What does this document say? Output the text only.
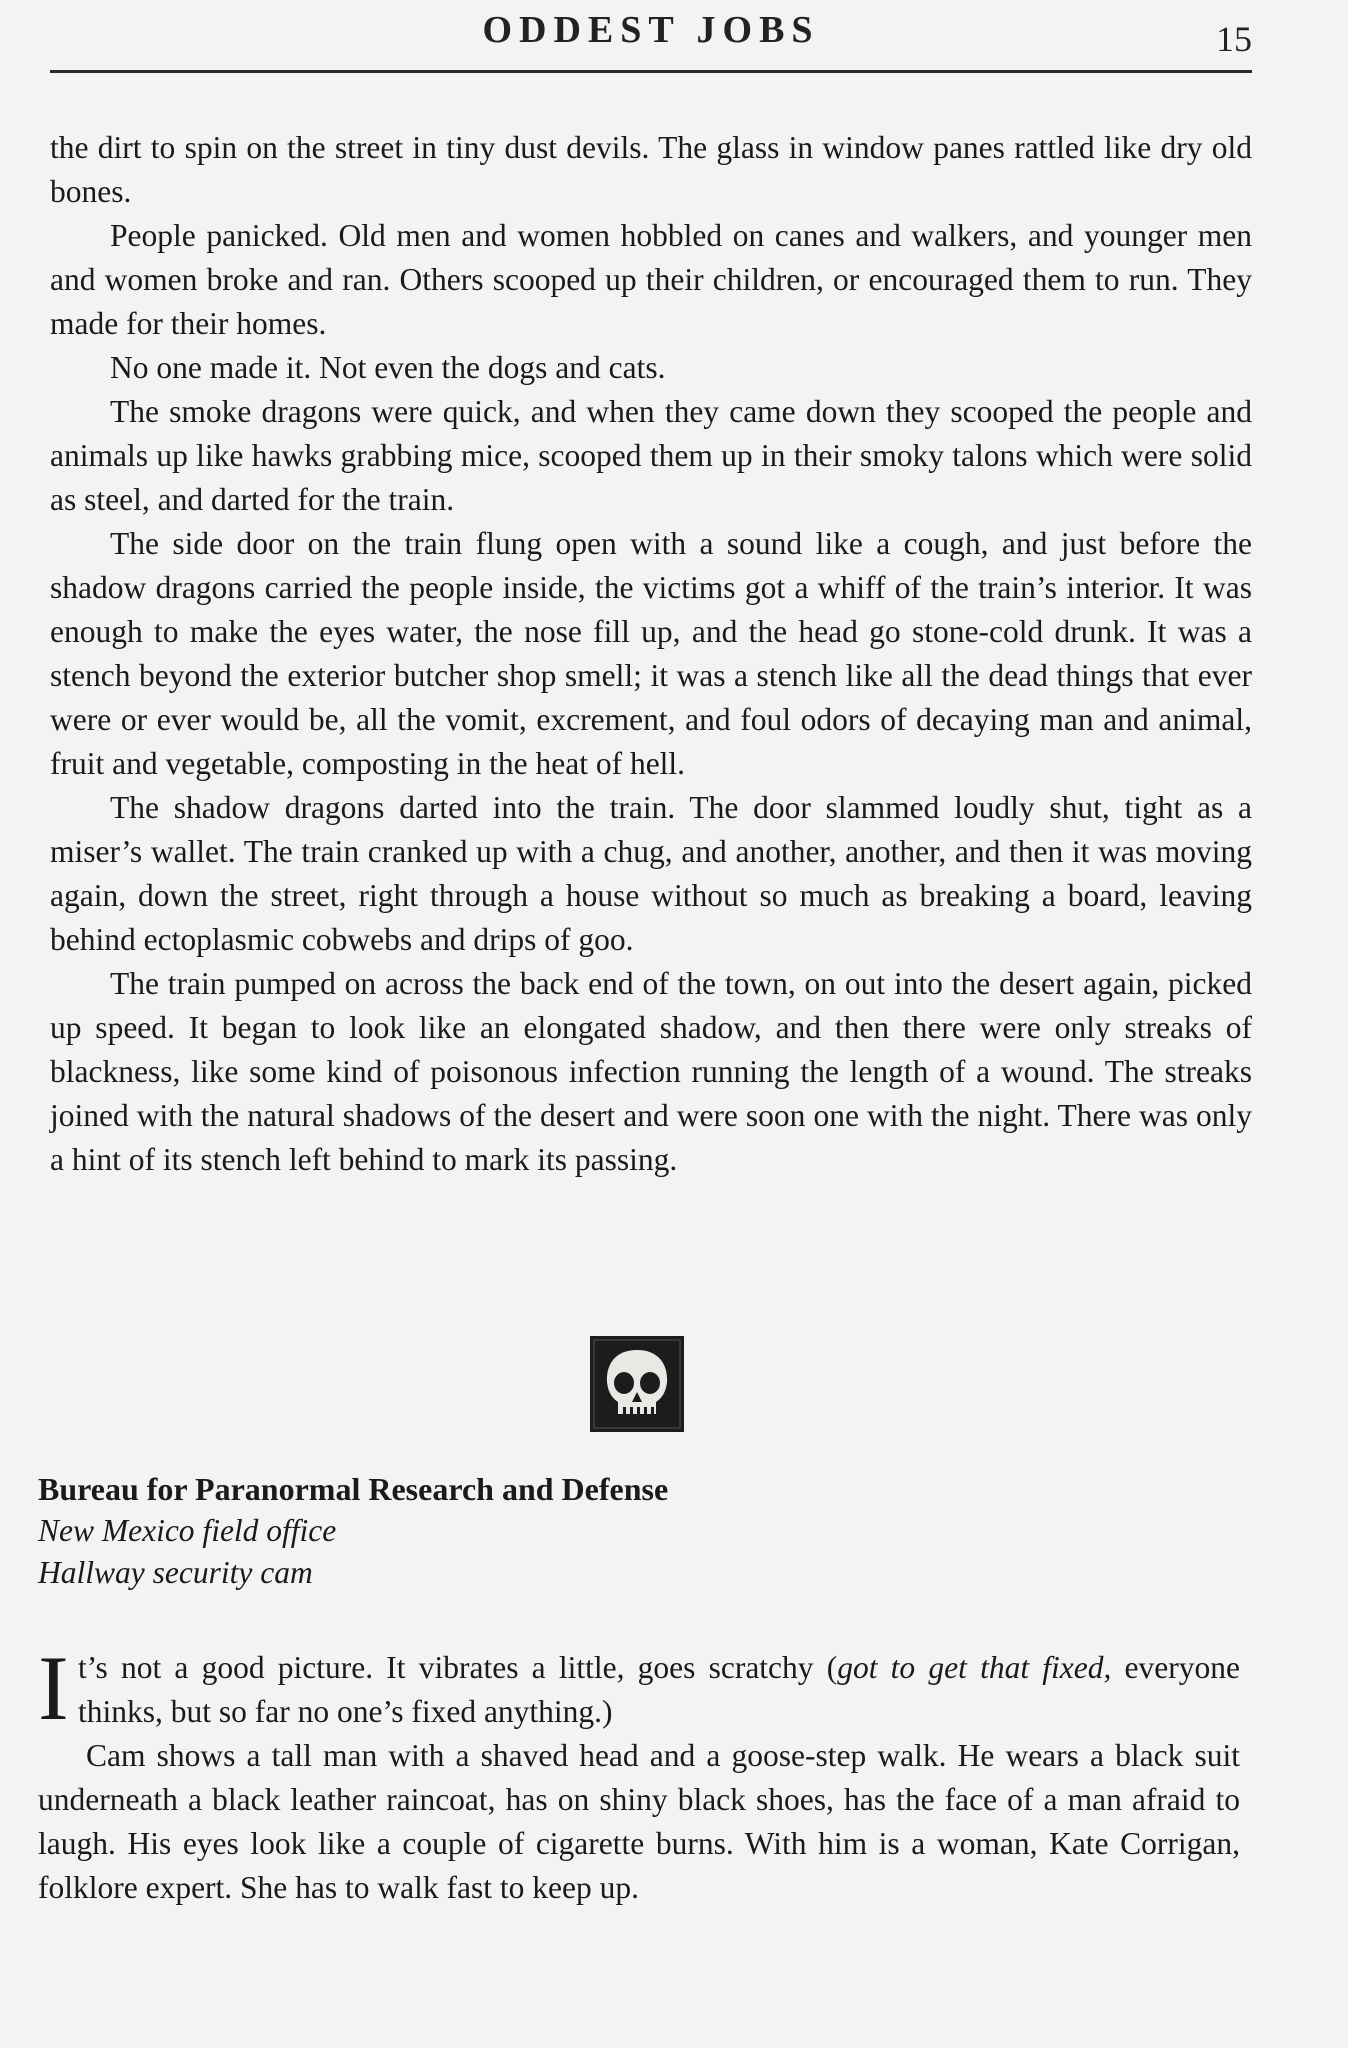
ODDEST JOBS	15

the dirt to spin on the street in tiny dust devils. The glass in window panes rattled like dry old bones.

People panicked. Old men and women hobbled on canes and walkers, and younger men and women broke and ran. Others scooped up their children, or encouraged them to run. They made for their homes.

No one made it. Not even the dogs and cats.

The smoke dragons were quick, and when they came down they scooped the people and animals up like hawks grabbing mice, scooped them up in their smoky talons which were solid as steel, and darted for the train.

The side door on the train flung open with a sound like a cough, and just before the shadow dragons carried the people inside, the victims got a whiff of the train’s interior. It was enough to make the eyes water, the nose fill up, and the head go stone-cold drunk. It was a stench beyond the exterior butcher shop smell; it was a stench like all the dead things that ever were or ever would be, all the vomit, excrement, and foul odors of decaying man and animal, fruit and vegetable, composting in the heat of hell.

The shadow dragons darted into the train. The door slammed loudly shut, tight as a miser’s wallet. The train cranked up with a chug, and another, another, and then it was moving again, down the street, right through a house without so much as breaking a board, leaving behind ectoplasmic cobwebs and drips of goo.

The train pumped on across the back end of the town, on out into the desert again, picked up speed. It began to look like an elongated shadow, and then there were only streaks of blackness, like some kind of poisonous infection running the length of a wound. The streaks joined with the natural shadows of the desert and were soon one with the night. There was only a hint of its stench left behind to mark its passing.

Bureau for Paranormal Research and Defense
New Mexico field office
Hallway security cam

I t’s not a good picture. It vibrates a little, goes scratchy (got to get that fixed, everyone thinks, but so far no one’s fixed anything.)

Cam shows a tall man with a shaved head and a goose-step walk. He wears a black suit underneath a black leather raincoat, has on shiny black shoes, has the face of a man afraid to laugh. His eyes look like a couple of cigarette burns. With him is a woman, Kate Corrigan, folklore expert. She has to walk fast to keep up.
